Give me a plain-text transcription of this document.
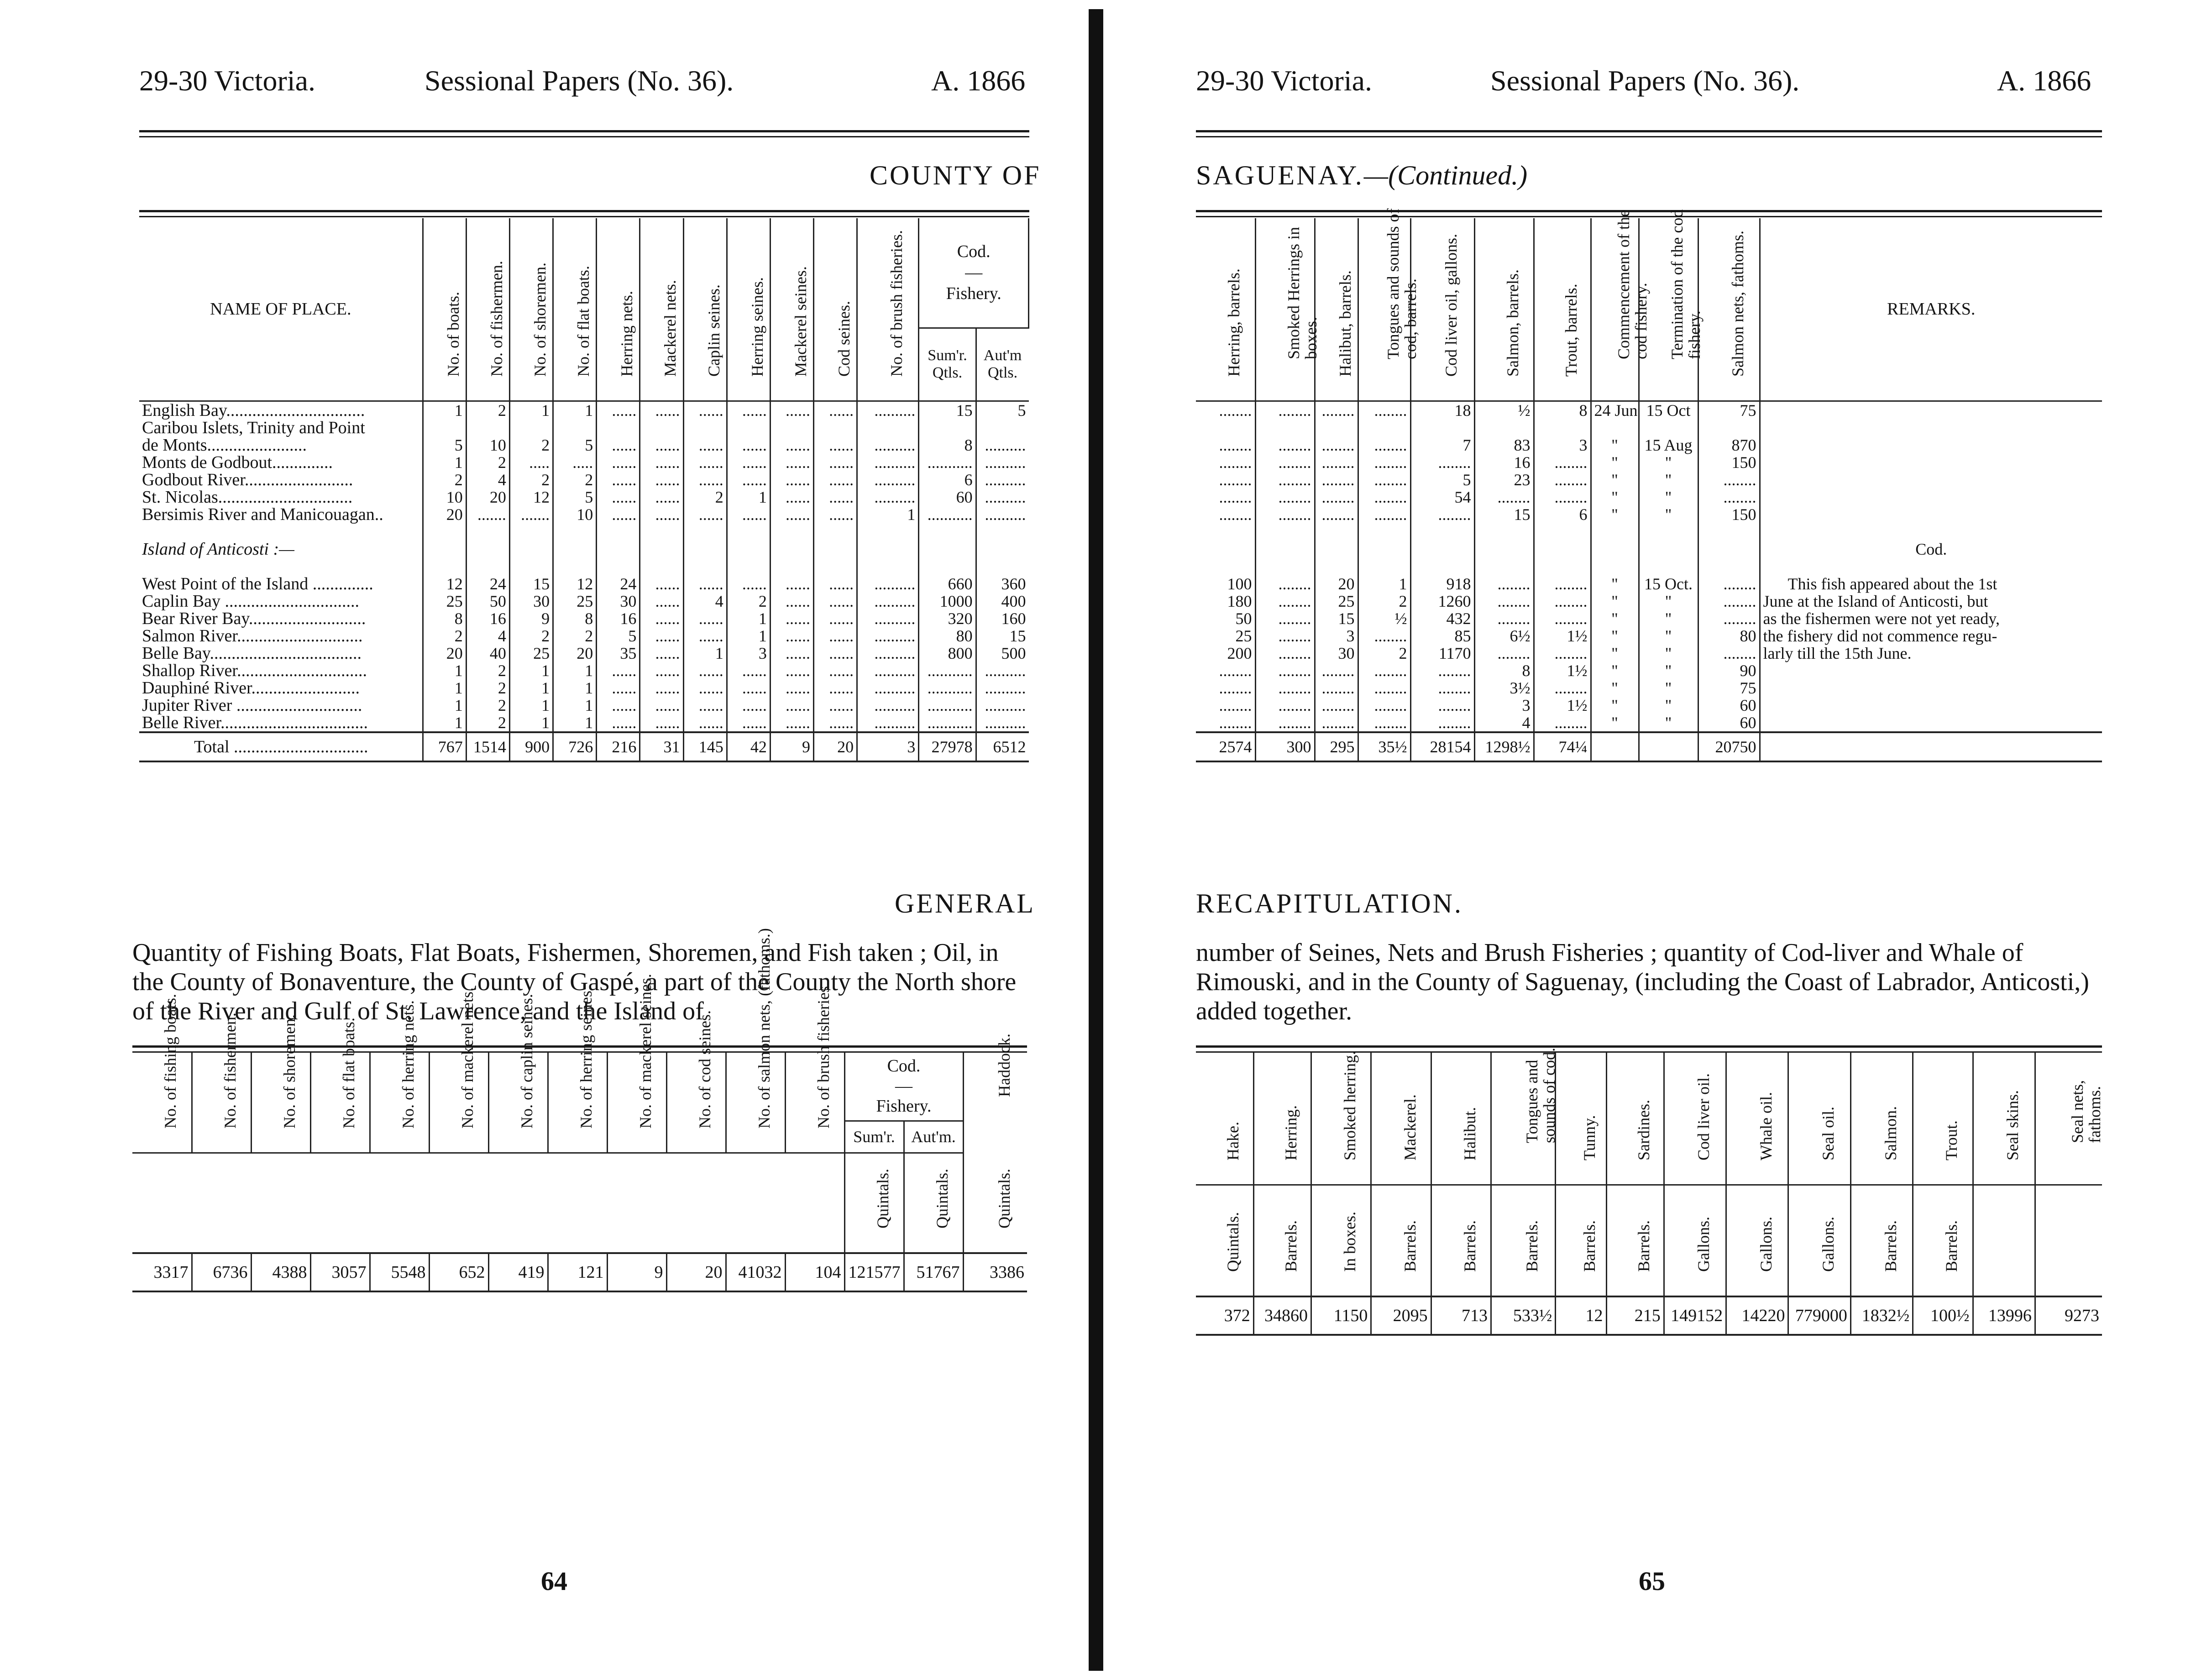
29-30 Victoria.	Sessional Papers (No. 36).	A. 1866
COUNTY OF
NAME OF PLACE.	No. of boats.	No. of fishermen.	No. of shoremen.	No. of flat boats.	Herring nets.	Mackerel nets.	Caplin seines.	Herring seines.	Mackerel seines.	Cod seines.	No. of brush fisheries.	Cod.
—
Fishery.	
												Sum'r. Qtls.	Aut'm Qtls.
English Bay................................	1	2	1	1	......	......	......	......	......	......	..........	15	5
Caribou Islets, Trinity and Point													
de Monts.......................	5	10	2	5	......	......	......	......	......	......	..........	8	..........
Monts de Godbout..............	1	2	.....	.....	......	......	......	......	......	......	..........	...........	..........
Godbout River.........................	2	4	2	2	......	......	......	......	......	......	..........	6	..........
St. Nicolas...............................	10	20	12	5	......	......	2	1	......	......	..........	60	..........
Bersimis River and Manicouagan..	20	.......	.......	10	......	......	......	......	......	......	1	...........	..........

Island of Anticosti :—													

West Point of the Island ..............	12	24	15	12	24	......	......	......	......	......	..........	660	360
Caplin Bay ...............................	25	50	30	25	30	......	4	2	......	......	..........	1000	400
Bear River Bay...........................	8	16	9	8	16	......	......	1	......	......	..........	320	160
Salmon River.............................	2	4	2	2	5	......	......	1	......	......	..........	80	15
Belle Bay...................................	20	40	25	20	35	......	1	3	......	......	..........	800	500
Shallop River..............................	1	2	1	1	......	......	......	......	......	......	..........	...........	..........
Dauphiné River.........................	1	2	1	1	......	......	......	......	......	......	..........	...........	..........
Jupiter River .............................	1	2	1	1	......	......	......	......	......	......	..........	...........	..........
Belle River..................................	1	2	1	1	......	......	......	......	......	......	..........	...........	..........
Total ...............................	767	1514	900	726	216	31	145	42	9	20	3	27978	6512
GENERAL
Quantity of Fishing Boats, Flat Boats, Fishermen, Shoremen, and Fish taken ; Oil, in the County of Bonaventure, the County of Gaspé, a part of the County the North shore of the River and Gulf of St. Lawrence, and the Island of
No. of fishing boats.	No. of fishermen.	No. of shoremen.	No. of flat boats.	No. of herring nets.	No. of mackerel nets.	No. of caplin seines.	No. of herring seines.	No. of mackerel seines.	No. of cod seines.	No. of salmon nets, (fathoms.)	No. of brush fisheries.	Cod.
—
Fishery.		Haddock.

												Sum'r.	Aut'm.	

												Quintals.	Quintals.	Quintals.

3317	6736	4388	3057	5548	652	419	121	9	20	41032	104	121577	51767	3386
64
29-30 Victoria.	Sessional Papers (No. 36).	A. 1866
SAGUENAY.—(Continued.)
Herring, barrels.	Smoked Herrings in boxes.	Halibut, barrels.	Tongues and sounds of cod, barrels.	Cod liver oil, gallons.	Salmon, barrels.	Trout, barrels.	Commencement of the cod fishery.	Termination of the cod fishery.	Salmon nets, fathoms.	REMARKS.
........	........	........	........	18	½	8	24 Jun	15 Oct	75	

........	........	........	........	7	83	3	"	15 Aug	870	
........	........	........	........	........	16	........	"	"	150	
........	........	........	........	5	23	........	"	"	........	
........	........	........	........	54	........	........	"	"	........	
........	........	........	........	........	15	6	"	"	150	

										Cod.

100	........	20	1	918	........	........	"	15 Oct.	........	This fish appeared about the 1st
180	........	25	2	1260	........	........	"	"	........	June at the Island of Anticosti, but
50	........	15	½	432	........	........	"	"	........	as the fishermen were not yet ready,
25	........	3	........	85	6½	1½	"	"	80	the fishery did not commence regu-
200	........	30	2	1170	........	........	"	"	........	larly till the 15th June.
........	........	........	........	........	8	1½	"	"	90	
........	........	........	........	........	3½	........	"	"	75	
........	........	........	........	........	3	1½	"	"	60	
........	........	........	........	........	4	........	"	"	60	
2574	300	295	35½	28154	1298½	74¼			20750	
RECAPITULATION.
number of Seines, Nets and Brush Fisheries ; quantity of Cod-liver and Whale of Rimouski, and in the County of Saguenay, (including the Coast of Labrador, Anticosti,) added together.
Hake.	Herring.	Smoked herring.	Mackerel.	Halibut.	Tongues and sounds of cod.	Tunny.	Sardines.	Cod liver oil.	Whale oil.	Seal oil.	Salmon.	Trout.	Seal skins.	Seal nets, fathoms.

Quintals.	Barrels.	In boxes.	Barrels.	Barrels.	Barrels.	Barrels.	Barrels.	Gallons.	Gallons.	Gallons.	Barrels.	Barrels.		

372	34860	1150	2095	713	533½	12	215	149152	14220	779000	1832½	100½	13996	9273
65
